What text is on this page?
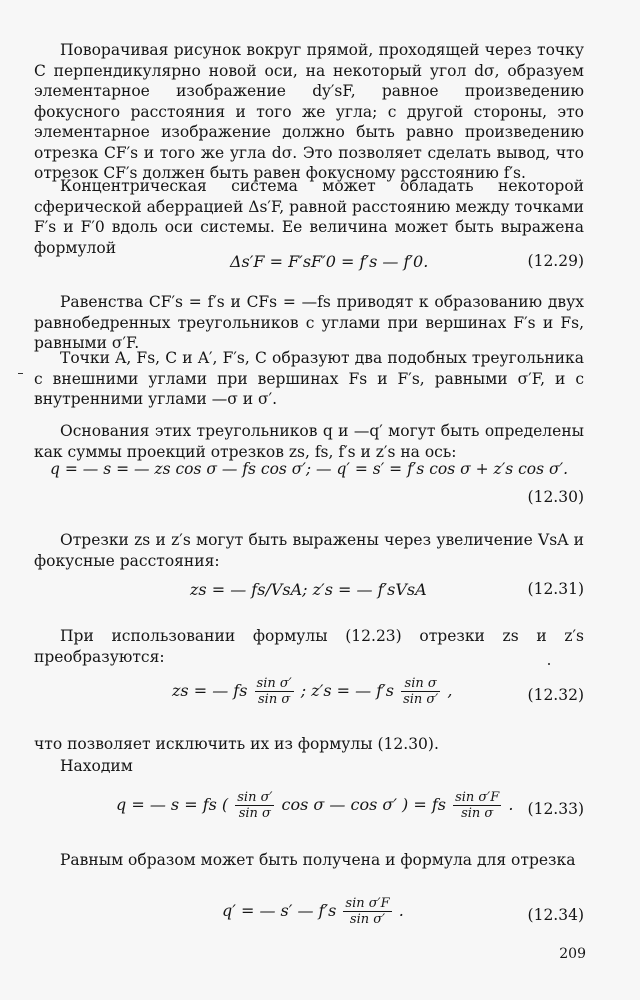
Поворачивая рисунок вокруг прямой, проходящей через точку C перпендикулярно новой оси, на некоторый угол dσ, образуем элементарное изображение dy′sF, равное произведению фокусного расстояния и того же угла; с другой стороны, это элементарное изображение должно быть равно произведению отрезка CF′s и того же угла dσ. Это позволяет сделать вывод, что отрезок CF′s должен быть равен фокусному расстоянию f′s.

Концентрическая система может обладать некоторой сферической аберрацией Δs′F, равной расстоянию между точками F′s и F′0 вдоль оси системы. Ее величина может быть выражена формулой

Δs′F = F′sF′0 = f′s — f′0.	(12.29)

Равенства CF′s = f′s и CFs = —fs приводят к образованию двух равнобедренных треугольников с углами при вершинах F′s и Fs, равными σ′F.

Точки A, Fs, C и A′, F′s, C образуют два подобных треугольника с внешними углами при вершинах Fs и F′s, равными σ′F, и с внутренними углами —σ и σ′.

Основания этих треугольников q и —q′ могут быть определены как суммы проекций отрезков zs, fs, f′s и z′s на ось:

q = — s = — zs cos σ — fs cos σ′; — q′ = s′ = f′s cos σ + z′s cos σ′.
(12.30)

Отрезки zs и z′s могут быть выражены через увеличение VsA и фокусные расстояния:

zs = — fs/VsA; z′s = — f′sVsA	(12.31)

При использовании формулы (12.23) отрезки zs и z′s преобразуются:

zs = — fs $\frac{\text{sin σ′}}{\text{sin σ}}$ ; z′s = — $f's \frac{\text{sin σ}}{\text{sin σ′}}$ ,	(12.32)

что позволяет исключить их из формулы (12.30).

Находим

q = — s = fs ( $\frac{\text{sin σ′}}{\text{sin σ}}$ cos σ — cos σ′ ) = fs $\frac{\text{sin σ′F}}{\text{sin σ}}$ . (12.33)

Равным образом может быть получена и формула для отрезка

q′ = — s′ — $f's \frac{\text{sin σ′F}}{\text{sin σ′}}$ .	(12.34)
209
